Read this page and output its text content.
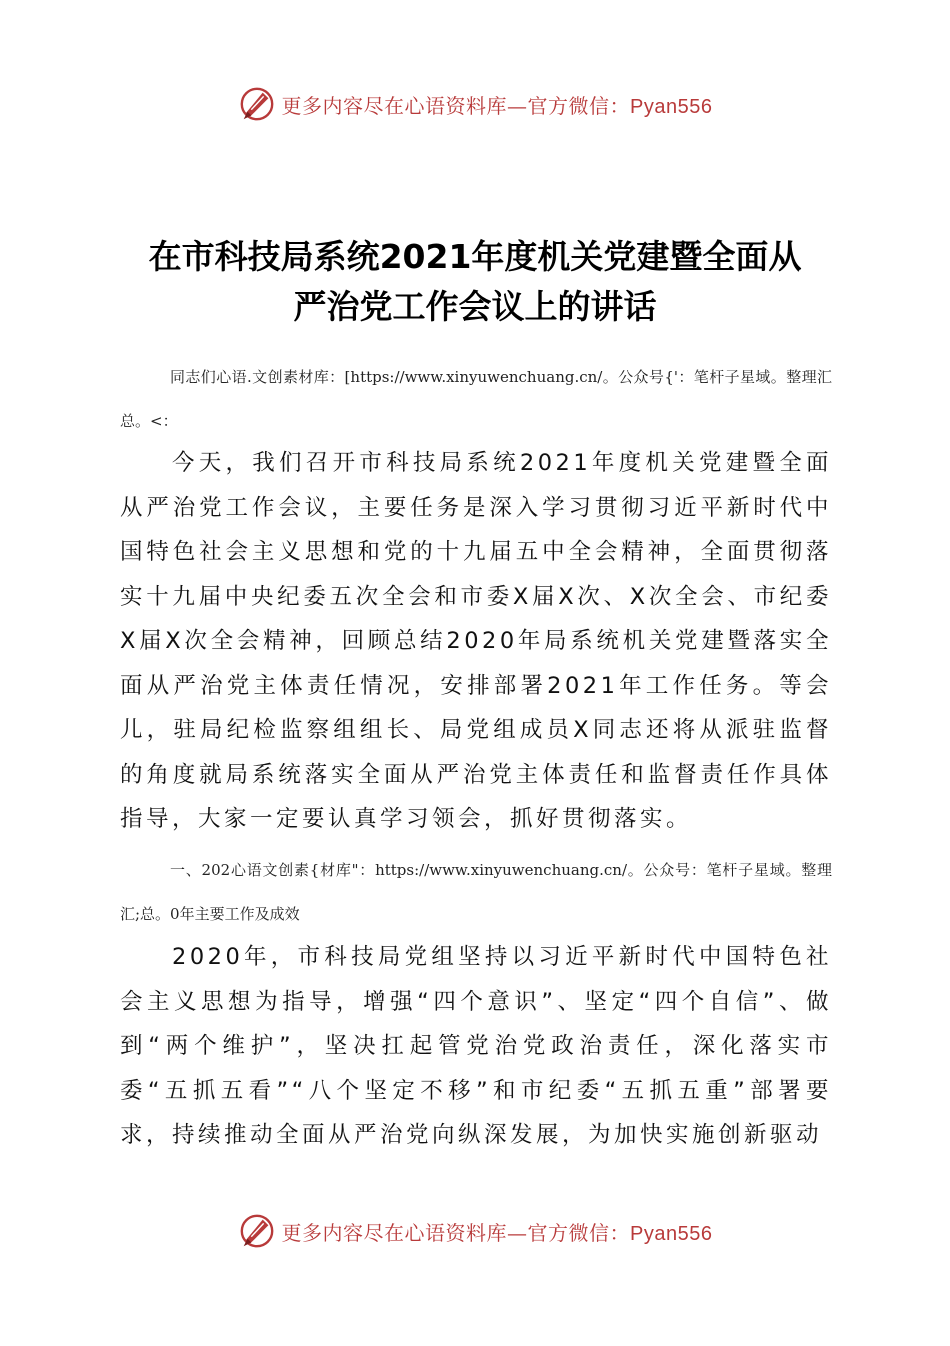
更多内容尽在心语资料库—官方微信：Pyan556
在市科技局系统2021年度机关党建暨全面从
严治党工作会议上的讲话
同志们心语.文创素材库：[https://www.xinyuwenchuang.cn/。公众号{'：笔杆子星域。整理汇总。<：
今天，我们召开市科技局系统2021年度机关党建暨全面从严治党工作会议，主要任务是深入学习贯彻习近平新时代中国特色社会主义思想和党的十九届五中全会精神，全面贯彻落实十九届中央纪委五次全会和市委X届X次、X次全会、市纪委X届X次全会精神，回顾总结2020年局系统机关党建暨落实全面从严治党主体责任情况，安排部署2021年工作任务。等会儿，驻局纪检监察组组长、局党组成员X同志还将从派驻监督的角度就局系统落实全面从严治党主体责任和监督责任作具体指导，大家一定要认真学习领会，抓好贯彻落实。
一、202心语文创素{材库"：https://www.xinyuwenchuang.cn/。公众号：笔杆子星域。整理汇;总。0年主要工作及成效
2020年，市科技局党组坚持以习近平新时代中国特色社会主义思想为指导，增强“四个意识”、坚定“四个自信”、做到“两个维护”，坚决扛起管党治党政治责任，深化落实市委“五抓五看”“八个坚定不移”和市纪委“五抓五重”部署要求，持续推动全面从严治党向纵深发展，为加快实施创新驱动
更多内容尽在心语资料库—官方微信：Pyan556
